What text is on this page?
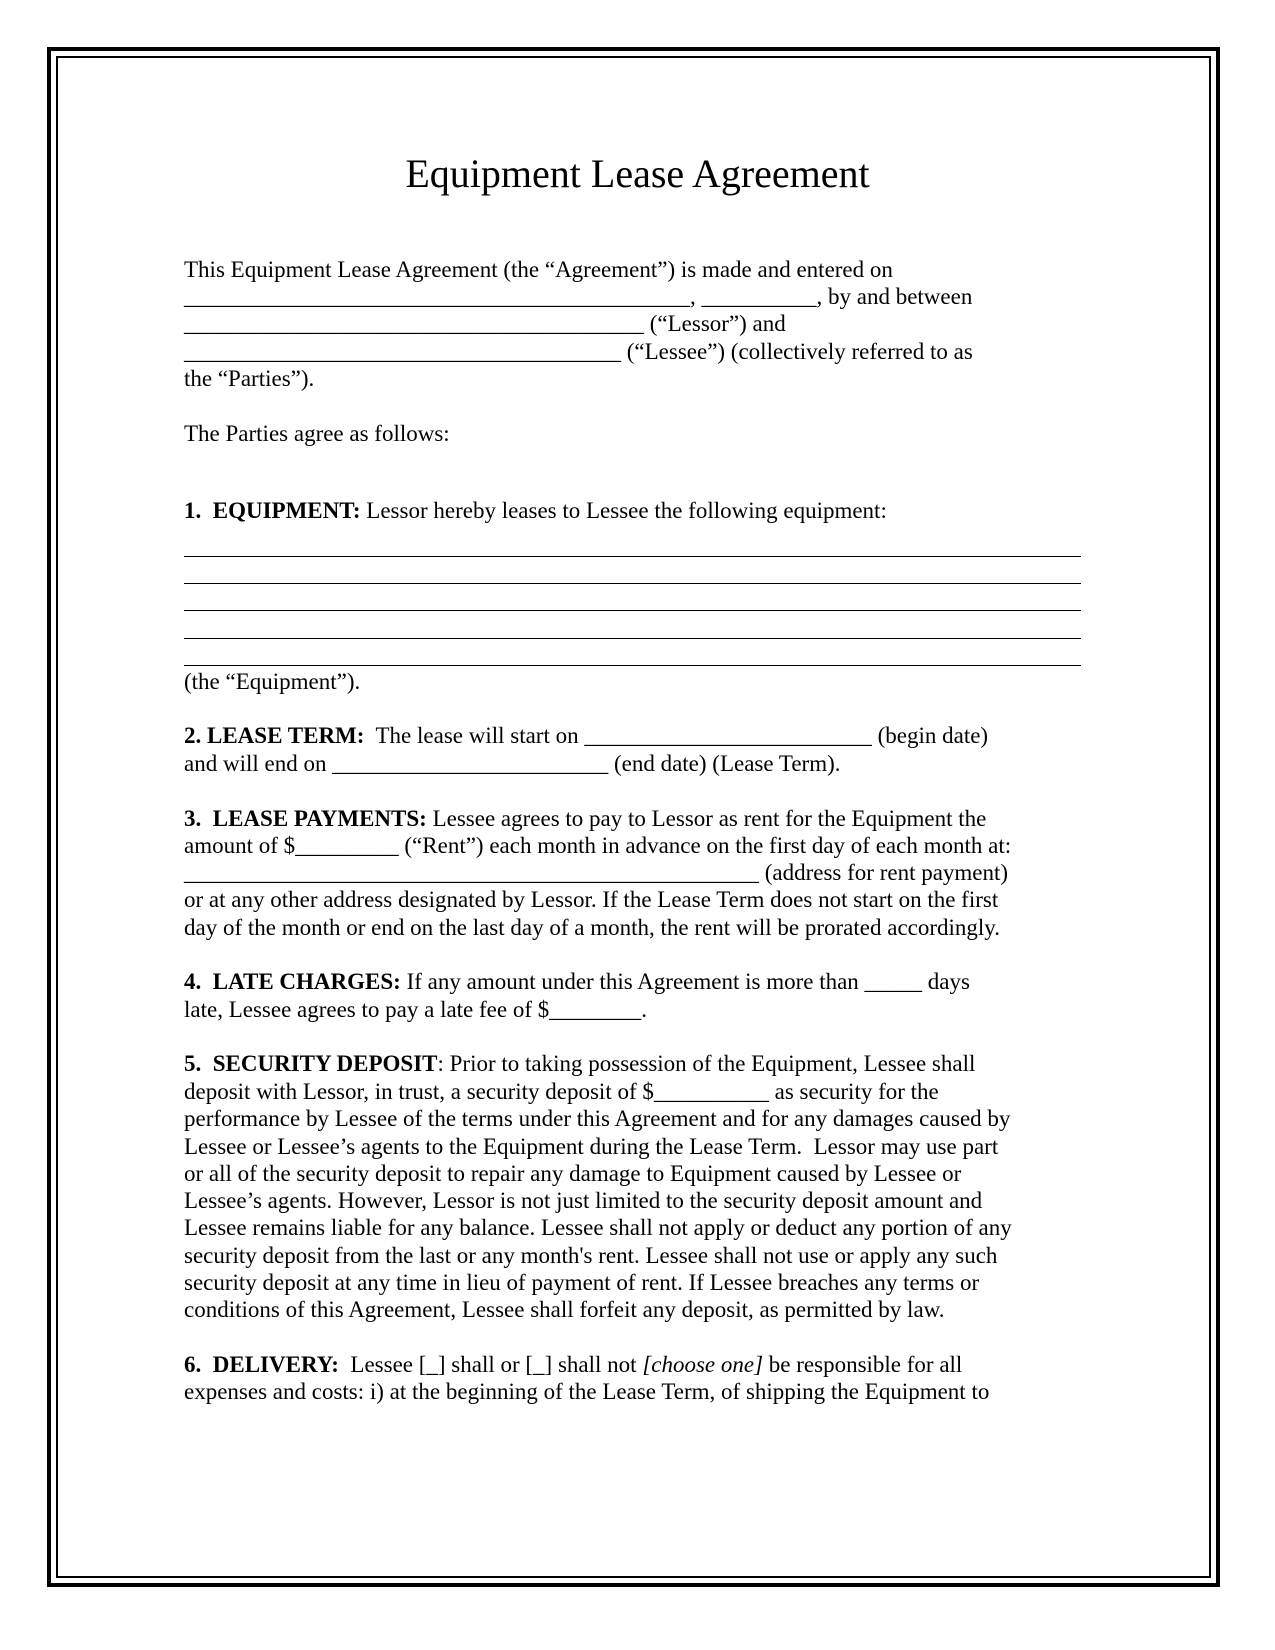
Equipment Lease Agreement

This Equipment Lease Agreement (the “Agreement”) is made and entered on

____________________________________________, __________, by and between

________________________________________ (“Lessor”) and

______________________________________ (“Lessee”) (collectively referred to as

the “Parties”).

The Parties agree as follows:

1.  EQUIPMENT: Lessor hereby leases to Lessee the following equipment:

(the “Equipment”).

2. LEASE TERM:  The lease will start on _________________________ (begin date)

and will end on ________________________ (end date) (Lease Term).

3.  LEASE PAYMENTS: Lessee agrees to pay to Lessor as rent for the Equipment the

amount of $_________ (“Rent”) each month in advance on the first day of each month at:

__________________________________________________ (address for rent payment)

or at any other address designated by Lessor. If the Lease Term does not start on the first

day of the month or end on the last day of a month, the rent will be prorated accordingly.

4.  LATE CHARGES: If any amount under this Agreement is more than _____ days

late, Lessee agrees to pay a late fee of $________.

5.  SECURITY DEPOSIT: Prior to taking possession of the Equipment, Lessee shall

deposit with Lessor, in trust, a security deposit of $__________ as security for the

performance by Lessee of the terms under this Agreement and for any damages caused by

Lessee or Lessee’s agents to the Equipment during the Lease Term.  Lessor may use part

or all of the security deposit to repair any damage to Equipment caused by Lessee or

Lessee’s agents. However, Lessor is not just limited to the security deposit amount and

Lessee remains liable for any balance. Lessee shall not apply or deduct any portion of any

security deposit from the last or any month's rent. Lessee shall not use or apply any such

security deposit at any time in lieu of payment of rent. If Lessee breaches any terms or

conditions of this Agreement, Lessee shall forfeit any deposit, as permitted by law.

6.  DELIVERY:  Lessee [_] shall or [_] shall not [choose one] be responsible for all

expenses and costs: i) at the beginning of the Lease Term, of shipping the Equipment to
